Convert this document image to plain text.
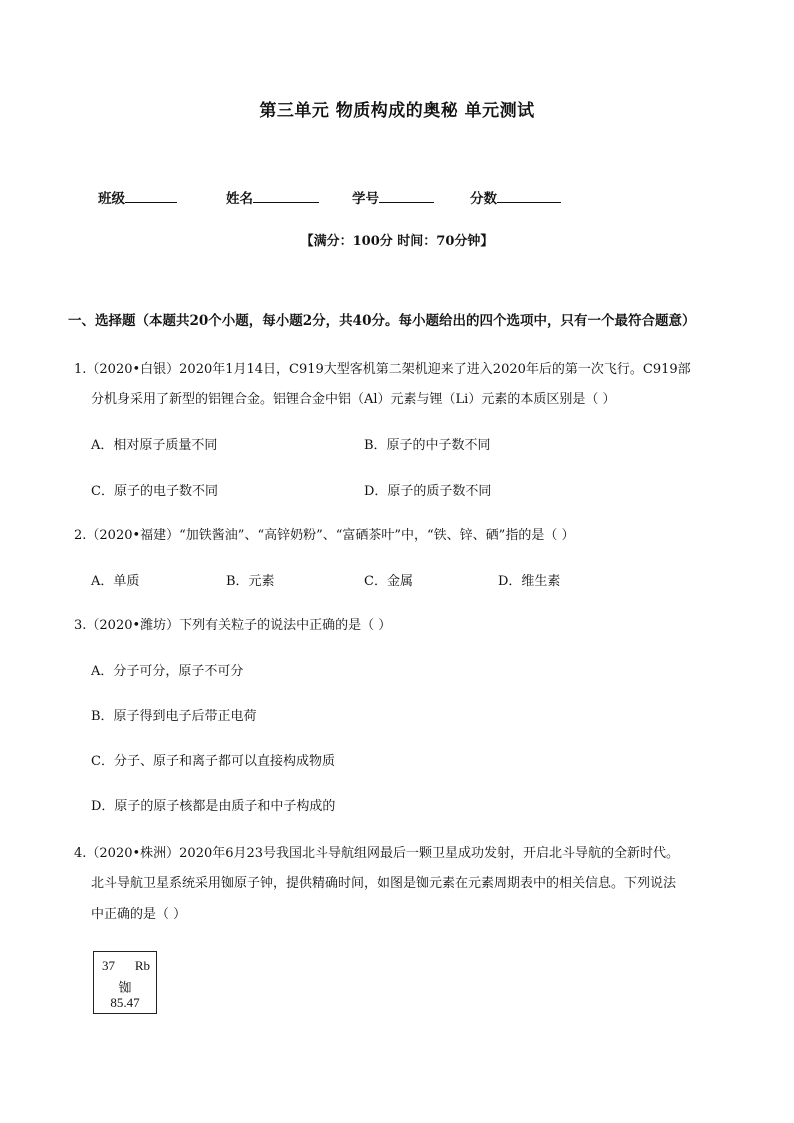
第三单元 物质构成的奥秘 单元测试
班级	姓名	学号	分数
【满分：100分 时间：70分钟】
一、选择题（本题共20个小题，每小题2分，共40分。每小题给出的四个选项中，只有一个最符合题意）
1.（2020•白银）2020年1月14日，C919大型客机第二架机迎来了进入2020年后的第一次飞行。C919部
分机身采用了新型的铝锂合金。铝锂合金中铝（Al）元素与锂（Li）元素的本质区别是（ ）
A．相对原子质量不同	B．原子的中子数不同
C．原子的电子数不同	D．原子的质子数不同
2.（2020•福建）“加铁酱油”、“高锌奶粉”、“富硒茶叶”中，“铁、锌、硒”指的是（ ）
A．单质	B．元素	C．金属	D．维生素
3.（2020•潍坊）下列有关粒子的说法中正确的是（ ）
A．分子可分，原子不可分
B．原子得到电子后带正电荷
C．分子、原子和离子都可以直接构成物质
D．原子的原子核都是由质子和中子构成的
4.（2020•株洲）2020年6月23号我国北斗导航组网最后一颗卫星成功发射，开启北斗导航的全新时代。
北斗导航卫星系统采用铷原子钟，提供精确时间，如图是铷元素在元素周期表中的相关信息。下列说法
中正确的是（ ）
37 Rb
铷
85.47
